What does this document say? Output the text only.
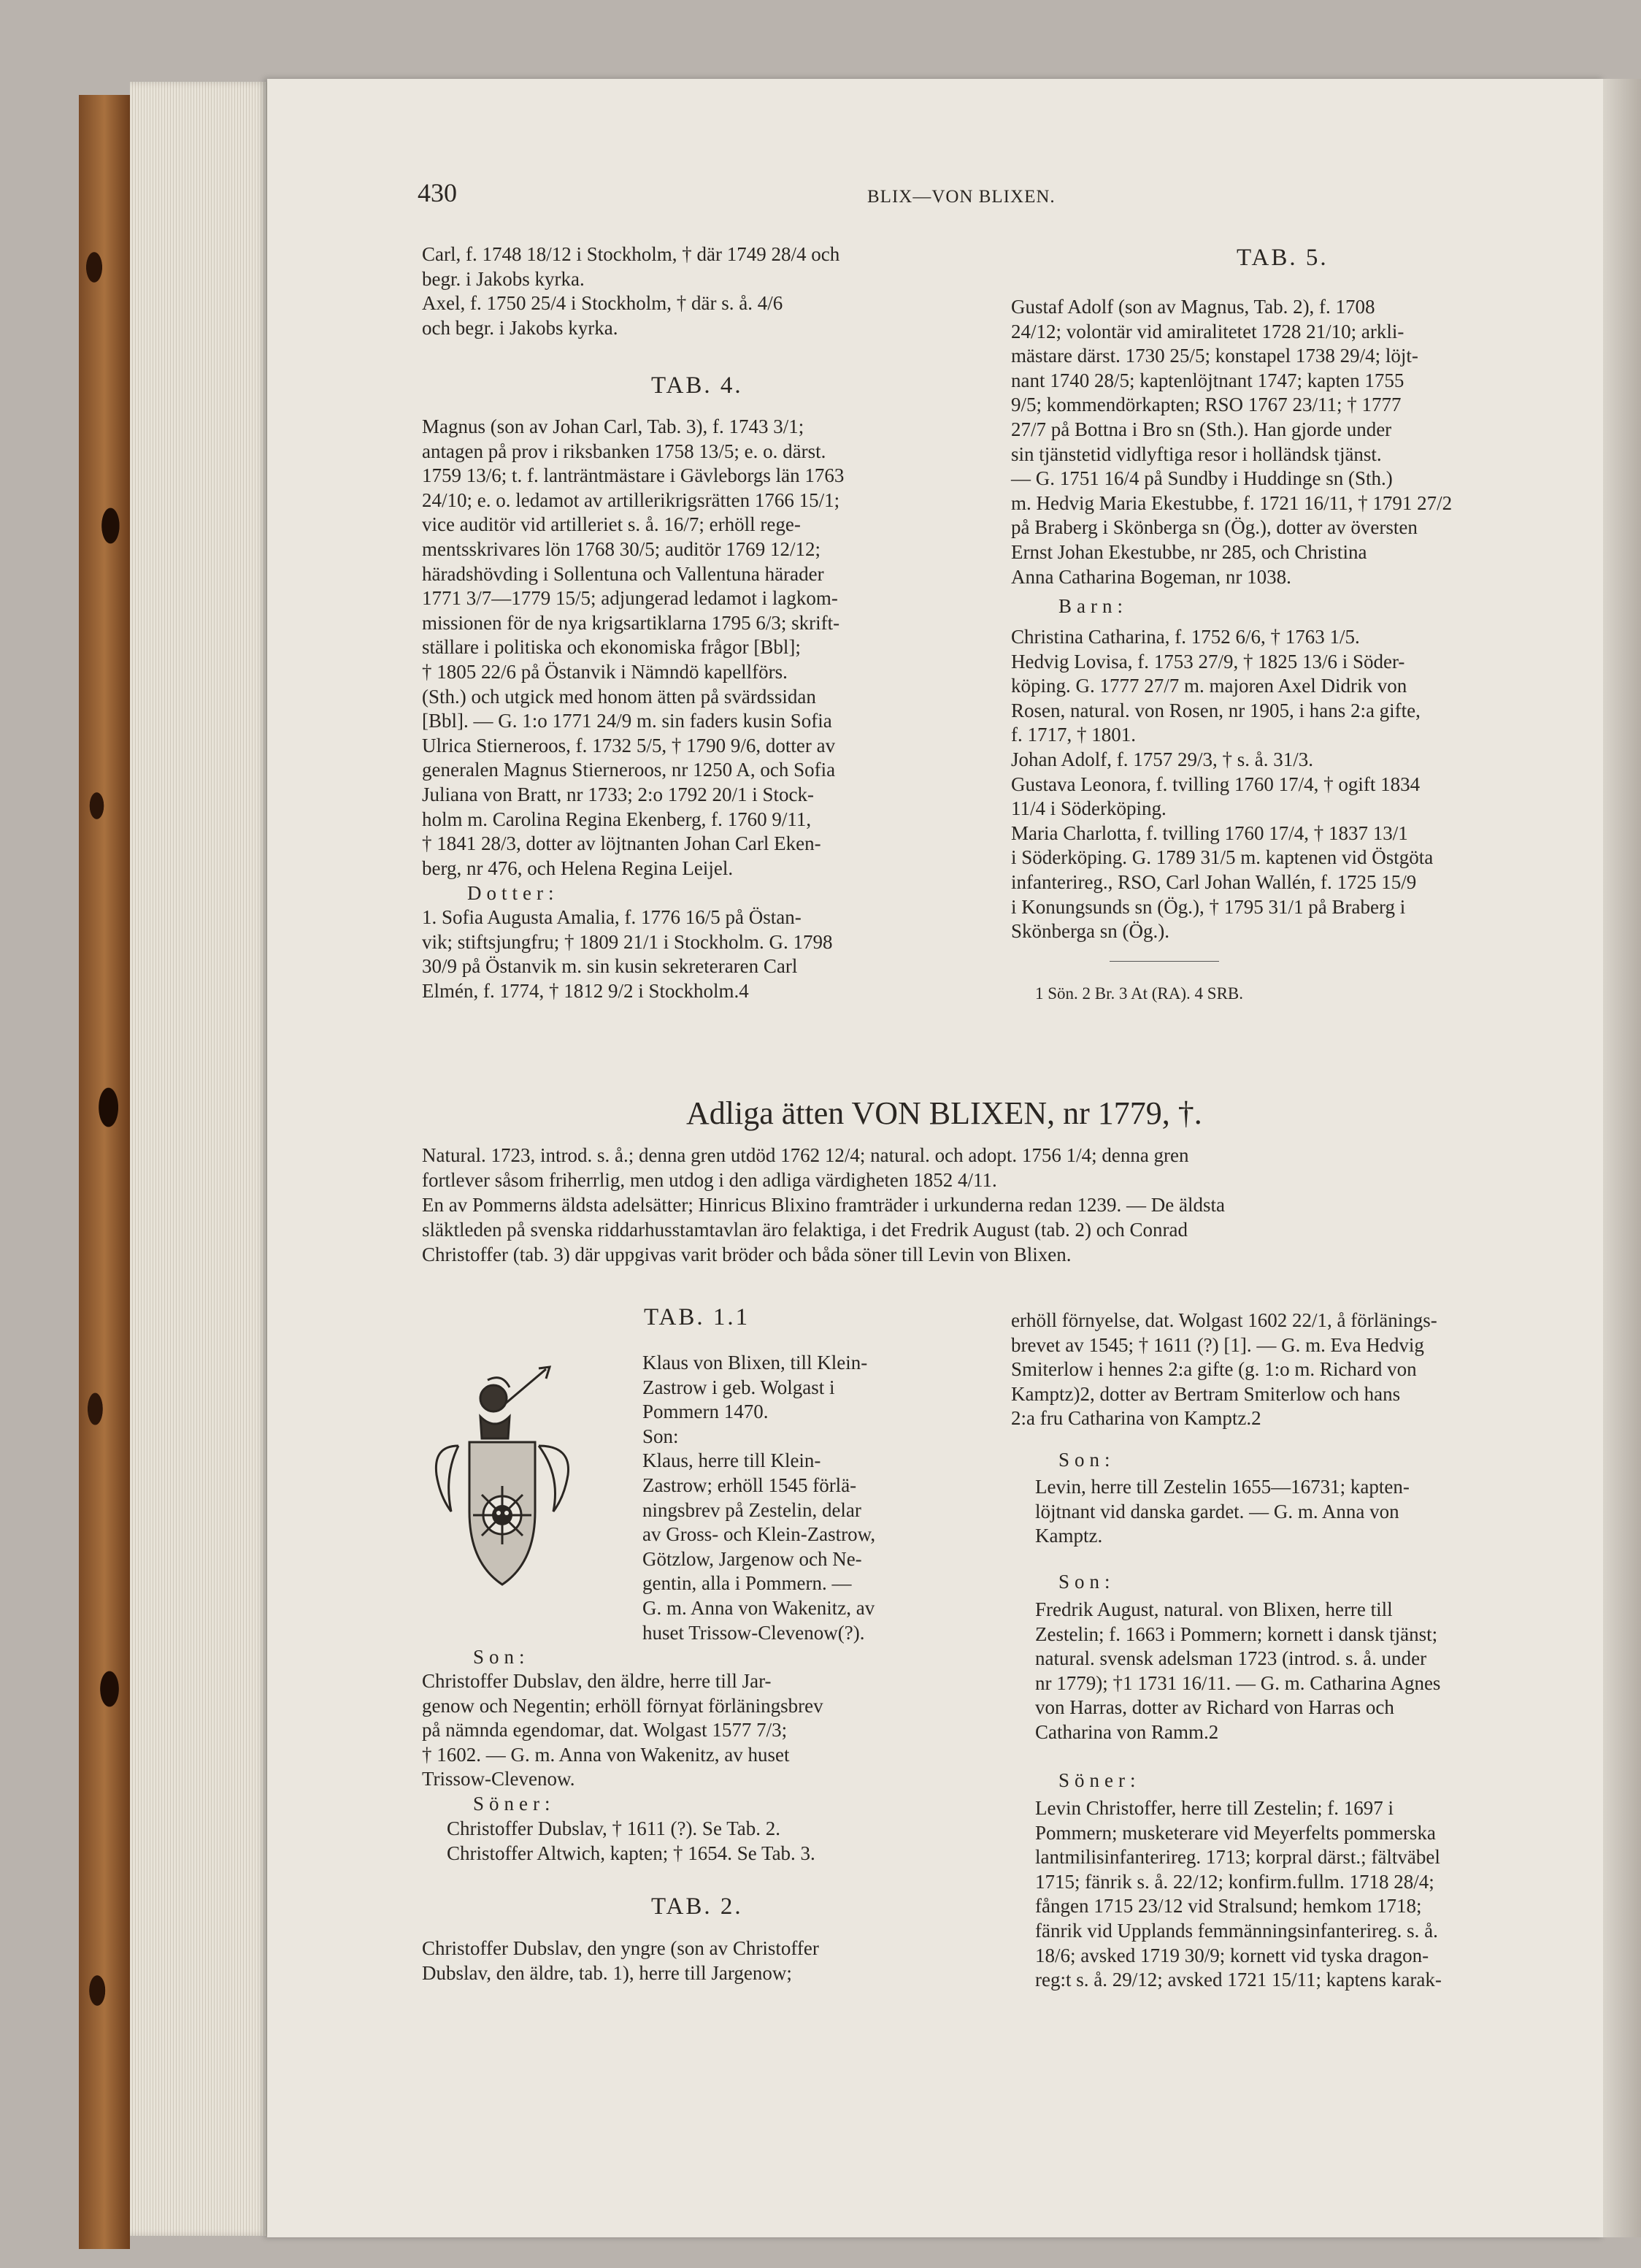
Carl, f. 1748 18/12 i Stockholm, † där 1749 28/4 och
begr. i Jakobs kyrka.
Axel, f. 1750 25/4 i Stockholm, † där s. å. 4/6
och begr. i Jakobs kyrka.
Magnus (son av Johan Carl, Tab. 3), f. 1743 3/1;
antagen på prov i riksbanken 1758 13/5; e. o. därst.
1759 13/6; t. f. lanträntmästare i Gävleborgs län 1763
24/10; e. o. ledamot av artillerikrigsrätten 1766 15/1;
vice auditör vid artilleriet s. å. 16/7; erhöll rege-
mentsskrivares lön 1768 30/5; auditör 1769 12/12;
häradshövding i Sollentuna och Vallentuna härader
1771 3/7—1779 15/5; adjungerad ledamot i lagkom-
missionen för de nya krigsartiklarna 1795 6/3; skrift-
ställare i politiska och ekonomiska frågor [Bbl];
† 1805 22/6 på Östanvik i Nämndö kapellförs.
(Sth.) och utgick med honom ätten på svärdssidan
[Bbl]. — G. 1:o 1771 24/9 m. sin faders kusin Sofia
Ulrica Stierneroos, f. 1732 5/5, † 1790 9/6, dotter av
generalen Magnus Stierneroos, nr 1250 A, och Sofia
Juliana von Bratt, nr 1733; 2:o 1792 20/1 i Stock-
holm m. Carolina Regina Ekenberg, f. 1760 9/11,
† 1841 28/3, dotter av löjtnanten Johan Carl Eken-
berg, nr 476, och Helena Regina Leijel.
Dotter:
1. Sofia Augusta Amalia, f. 1776 16/5 på Östan-
vik; stiftsjungfru; † 1809 21/1 i Stockholm. G. 1798
30/9 på Östanvik m. sin kusin sekreteraren Carl
Elmén, f. 1774, † 1812 9/2 i Stockholm.4
Gustaf Adolf (son av Magnus, Tab. 2), f. 1708
24/12; volontär vid amiralitetet 1728 21/10; arkli-
mästare därst. 1730 25/5; konstapel 1738 29/4; löjt-
nant 1740 28/5; kaptenlöjtnant 1747; kapten 1755
9/5; kommendörkapten; RSO 1767 23/11; † 1777
27/7 på Bottna i Bro sn (Sth.). Han gjorde under
sin tjänstetid vidlyftiga resor i holländsk tjänst.
— G. 1751 16/4 på Sundby i Huddinge sn (Sth.)
m. Hedvig Maria Ekestubbe, f. 1721 16/11, † 1791 27/2
på Braberg i Skönberga sn (Ög.), dotter av översten
Ernst Johan Ekestubbe, nr 285, och Christina
Anna Catharina Bogeman, nr 1038.
Barn:
Christina Catharina, f. 1752 6/6, † 1763 1/5.
Hedvig Lovisa, f. 1753 27/9, † 1825 13/6 i Söder-
köping. G. 1777 27/7 m. majoren Axel Didrik von
Rosen, natural. von Rosen, nr 1905, i hans 2:a gifte,
f. 1717, † 1801.
Johan Adolf, f. 1757 29/3, † s. å. 31/3.
Gustava Leonora, f. tvilling 1760 17/4, † ogift 1834
11/4 i Söderköping.
Maria Charlotta, f. tvilling 1760 17/4, † 1837 13/1
i Söderköping. G. 1789 31/5 m. kaptenen vid Östgöta
infanterireg., RSO, Carl Johan Wallén, f. 1725 15/9
i Konungsunds sn (Ög.), † 1795 31/1 på Braberg i
Skönberga sn (Ög.).
Natural. 1723, introd. s. å.; denna gren utdöd 1762 12/4; natural. och adopt. 1756 1/4; denna gren
fortlever såsom friherrlig, men utdog i den adliga värdigheten 1852 4/11.
En av Pommerns äldsta adelsätter; Hinricus Blixino framträder i urkunderna redan 1239. — De äldsta
släktleden på svenska riddarhusstamtavlan äro felaktiga, i det Fredrik August (tab. 2) och Conrad
Christoffer (tab. 3) där uppgivas varit bröder och båda söner till Levin von Blixen.
Klaus von Blixen, till Klein-
Zastrow i geb. Wolgast i
Pommern 1470.
Son:
Klaus, herre till Klein-
Zastrow; erhöll 1545 förlä-
ningsbrev på Zestelin, delar
av Gross- och Klein-Zastrow,
Götzlow, Jargenow och Ne-
gentin, alla i Pommern. —
G. m. Anna von Wakenitz, av
huset Trissow-Clevenow(?).
Son:
Christoffer Dubslav, den äldre, herre till Jar-
genow och Negentin; erhöll förnyat förläningsbrev
på nämnda egendomar, dat. Wolgast 1577 7/3;
† 1602. — G. m. Anna von Wakenitz, av huset
Trissow-Clevenow.
Söner:
Christoffer Dubslav, † 1611 (?). Se Tab. 2.
Christoffer Altwich, kapten; † 1654. Se Tab. 3.
Christoffer Dubslav, den yngre (son av Christoffer
Dubslav, den äldre, tab. 1), herre till Jargenow;
erhöll förnyelse, dat. Wolgast 1602 22/1, å förlänings-
brevet av 1545; † 1611 (?) [1]. — G. m. Eva Hedvig
Smiterlow i hennes 2:a gifte (g. 1:o m. Richard von
Kamptz)2, dotter av Bertram Smiterlow och hans
2:a fru Catharina von Kamptz.2
Son:
Levin, herre till Zestelin 1655—16731; kapten-
löjtnant vid danska gardet. — G. m. Anna von
Kamptz.
Son:
Fredrik August, natural. von Blixen, herre till
Zestelin; f. 1663 i Pommern; kornett i dansk tjänst;
natural. svensk adelsman 1723 (introd. s. å. under
nr 1779); †1 1731 16/11. — G. m. Catharina Agnes
von Harras, dotter av Richard von Harras och
Catharina von Ramm.2
Söner:
Levin Christoffer, herre till Zestelin; f. 1697 i
Pommern; musketerare vid Meyerfelts pommerska
lantmilisinfanterireg. 1713; korpral därst.; fältväbel
1715; fänrik s. å. 22/12; konfirm.fullm. 1718 28/4;
fången 1715 23/12 vid Stralsund; hemkom 1718;
fänrik vid Upplands femmänningsinfanterireg. s. å.
18/6; avsked 1719 30/9; kornett vid tyska dragon-
reg:t s. å. 29/12; avsked 1721 15/11; kaptens karak-
430	BLIX—VON BLIXEN.
TAB. 4.
TAB. 5.
1 Sön. 2 Br. 3 At (RA). 4 SRB.
Adliga ätten VON BLIXEN, nr 1779, †.
TAB. 1.1
TAB. 2.
